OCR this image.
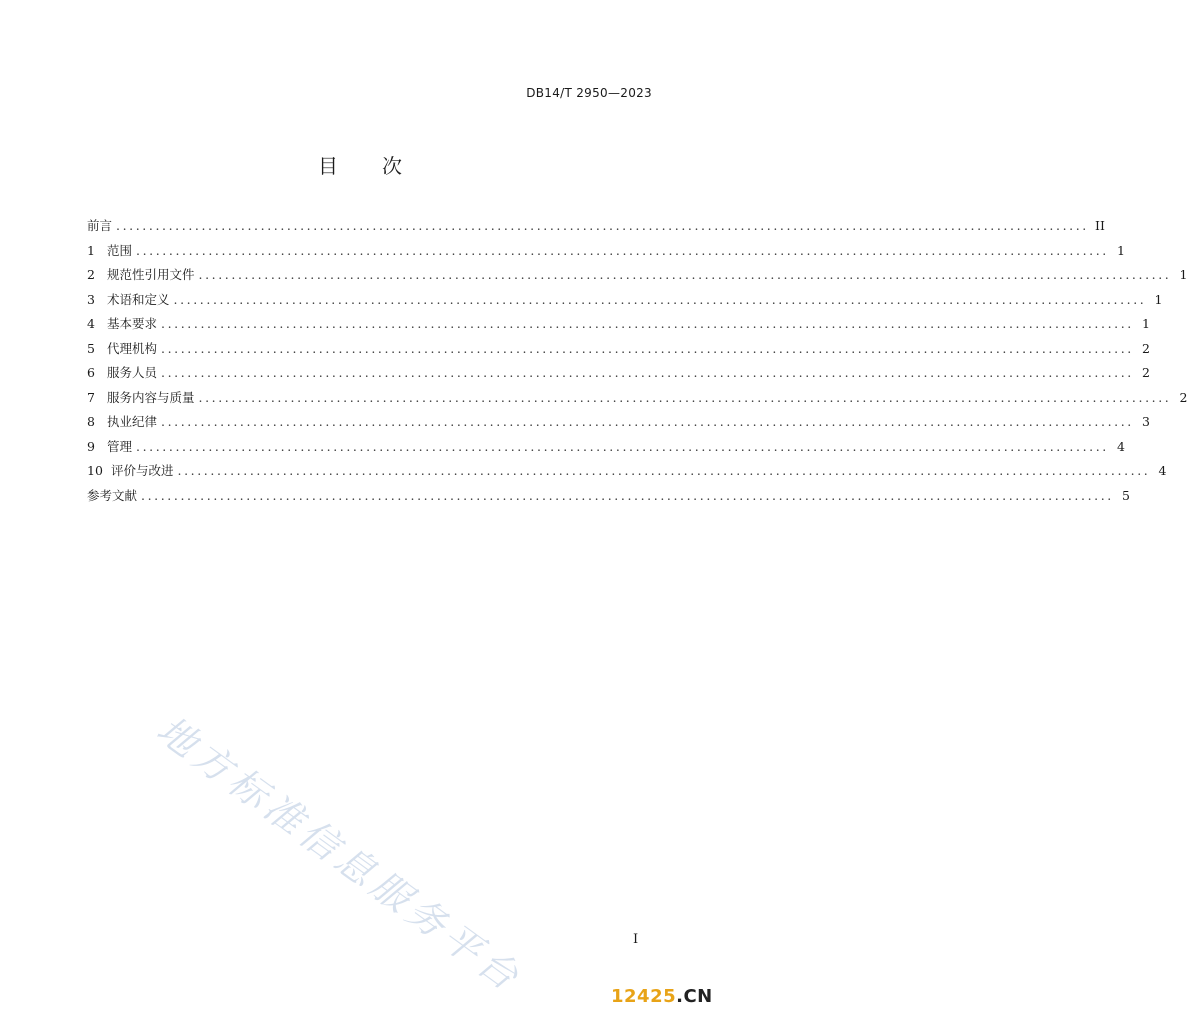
DB14/T 2950—2023
目 次
前言 .................................................................................................................................................... II
1 范围 .................................................................................................................................................... 1
2 规范性引用文件 .................................................................................................................................................... 1
3 术语和定义 .................................................................................................................................................... 1
4 基本要求 .................................................................................................................................................... 1
5 代理机构 .................................................................................................................................................... 2
6 服务人员 .................................................................................................................................................... 2
7 服务内容与质量 .................................................................................................................................................... 2
8 执业纪律 .................................................................................................................................................... 3
9 管理 .................................................................................................................................................... 4
10 评价与改进 .................................................................................................................................................... 4
参考文献 .................................................................................................................................................... 5
地方标准信息服务平台	I
12425.CN
